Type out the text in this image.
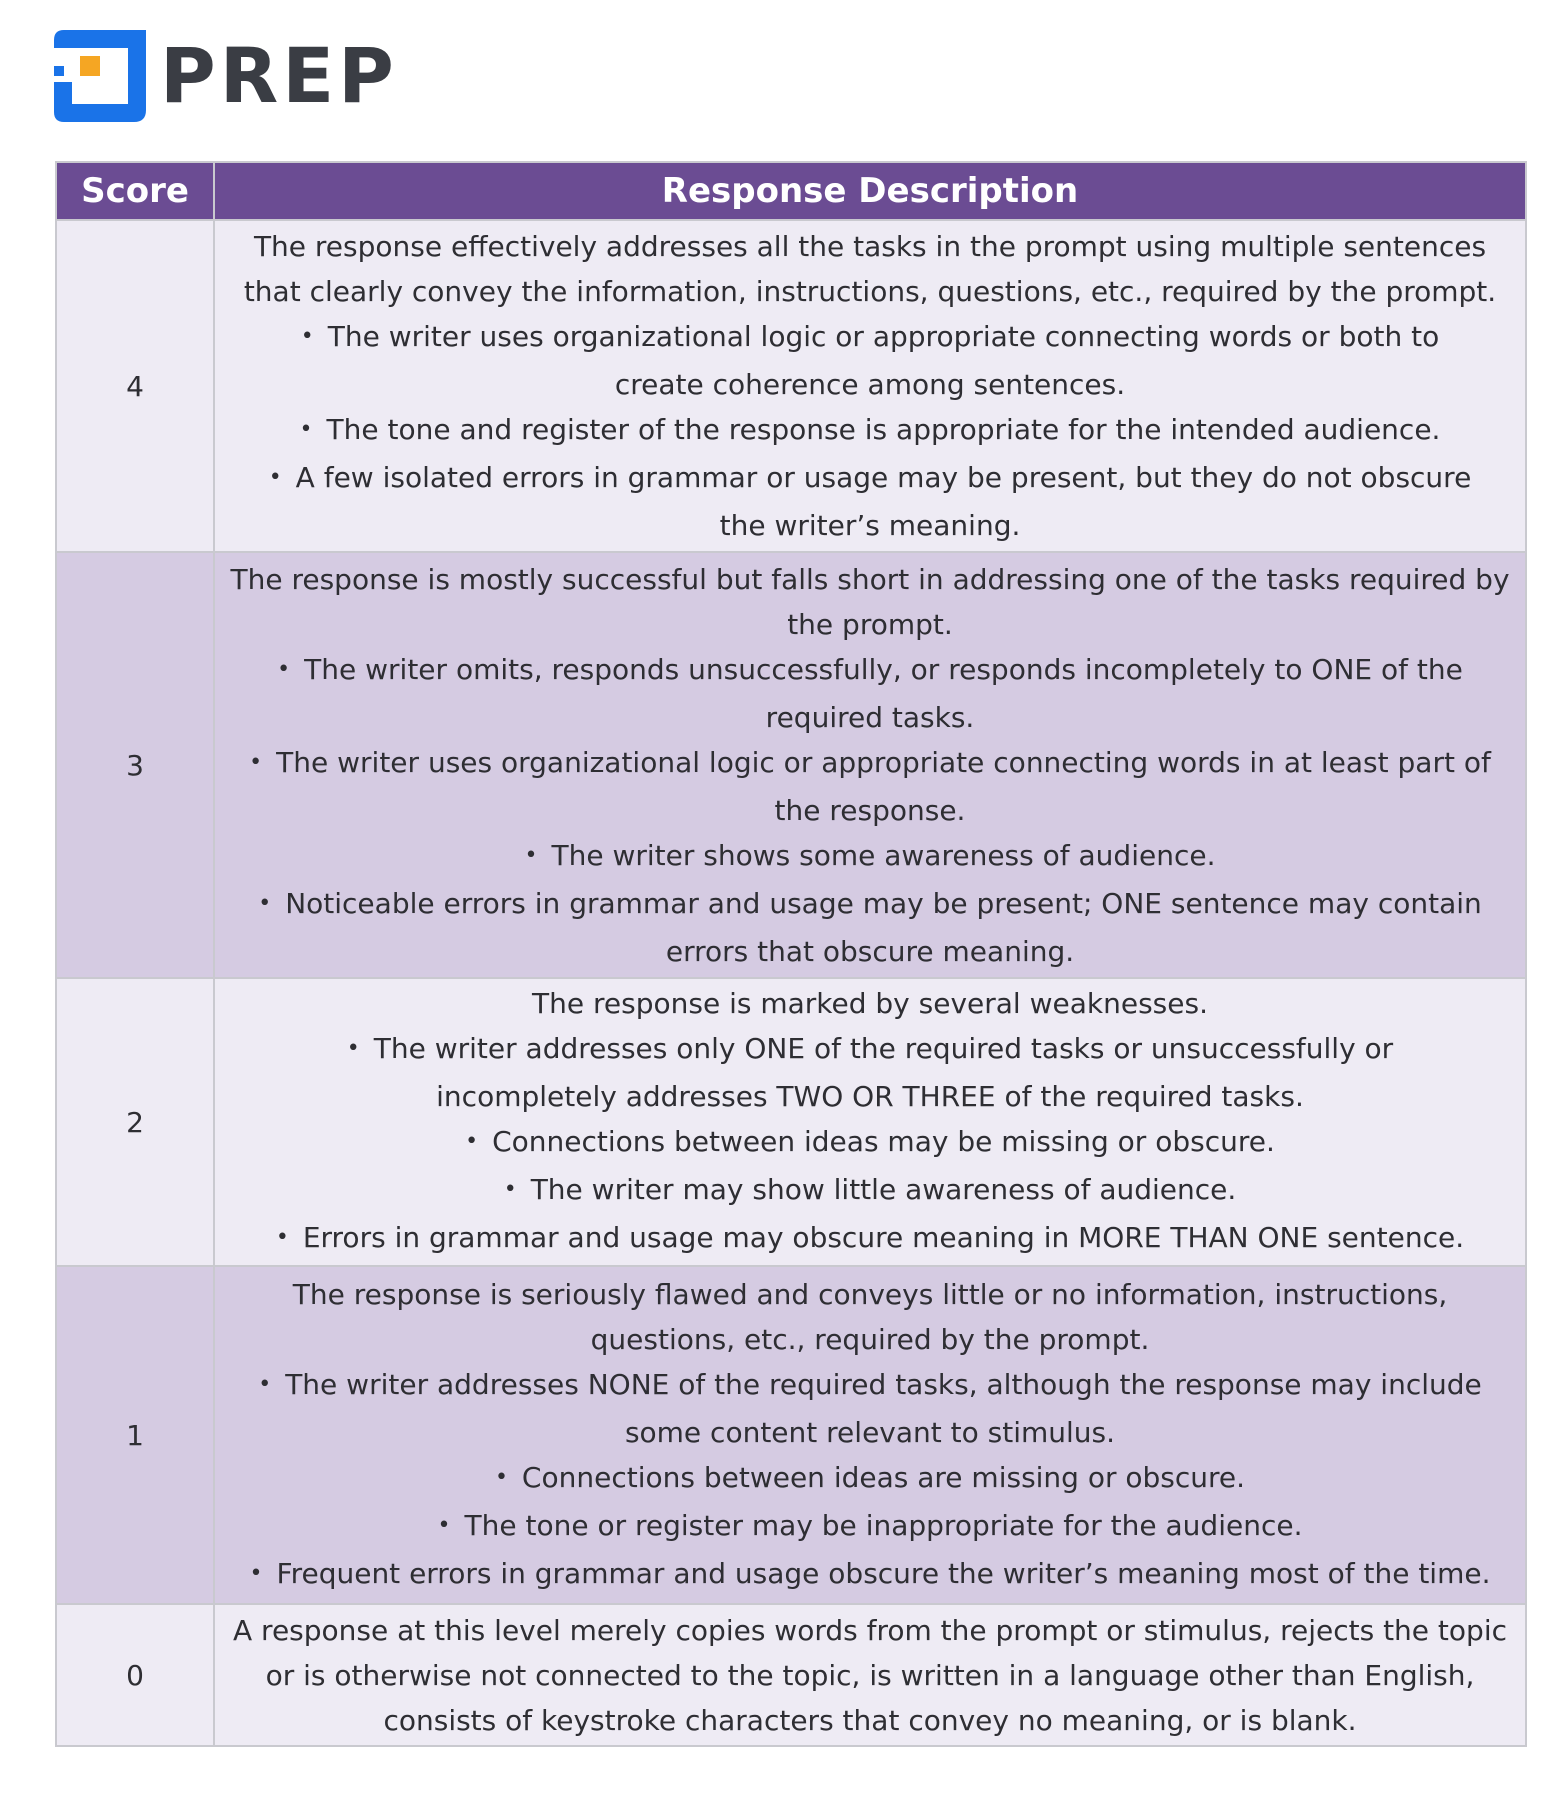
PREP
Score	Response Description
4	The response effectively addresses all the tasks in the prompt using multiple sentences that clearly convey the information, instructions, questions, etc., required by the prompt.
• The writer uses organizational logic or appropriate connecting words or both to create coherence among sentences.
• The tone and register of the response is appropriate for the intended audience.
• A few isolated errors in grammar or usage may be present, but they do not obscure the writer’s meaning.

3	The response is mostly successful but falls short in addressing one of the tasks required by the prompt.
• The writer omits, responds unsuccessfully, or responds incompletely to ONE of the required tasks.
• The writer uses organizational logic or appropriate connecting words in at least part of the response.
• The writer shows some awareness of audience.
• Noticeable errors in grammar and usage may be present; ONE sentence may contain errors that obscure meaning.

2	The response is marked by several weaknesses.
• The writer addresses only ONE of the required tasks or unsuccessfully or incompletely addresses TWO OR THREE of the required tasks.
• Connections between ideas may be missing or obscure.
• The writer may show little awareness of audience.
• Errors in grammar and usage may obscure meaning in MORE THAN ONE sentence.

1	The response is seriously flawed and conveys little or no information, instructions, questions, etc., required by the prompt.
• The writer addresses NONE of the required tasks, although the response may include some content relevant to stimulus.
• Connections between ideas are missing or obscure.
• The tone or register may be inappropriate for the audience.
• Frequent errors in grammar and usage obscure the writer’s meaning most of the time.

0	A response at this level merely copies words from the prompt or stimulus, rejects the topic or is otherwise not connected to the topic, is written in a language other than English, consists of keystroke characters that convey no meaning, or is blank.
